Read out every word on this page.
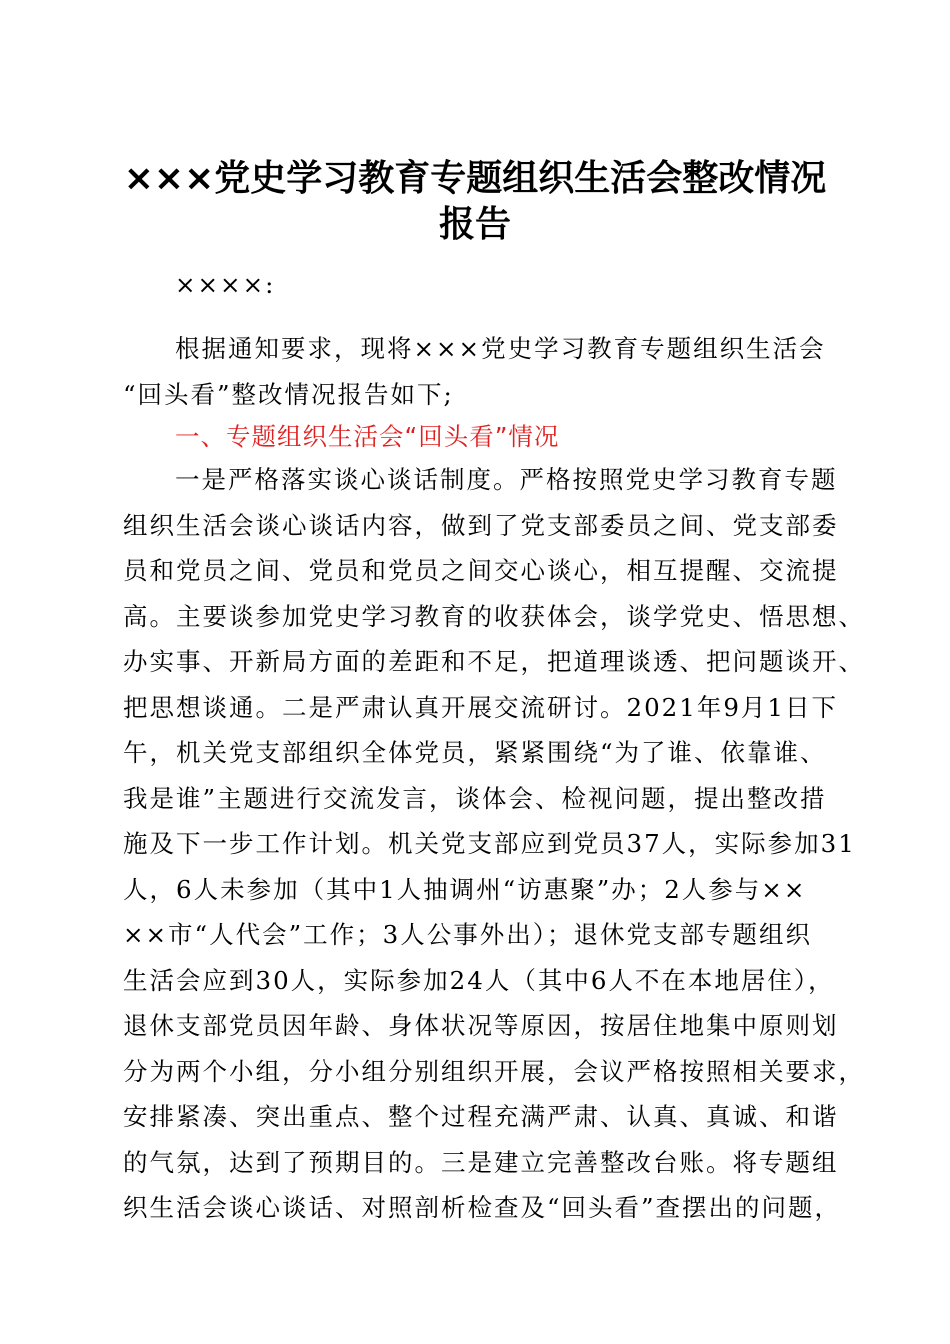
×××党史学习教育专题组织生活会整改情况
报告
××××:
根据通知要求，现将×××党史学习教育专题组织生活会
“回头看”整改情况报告如下;
一、专题组织生活会“回头看”情况
一是严格落实谈心谈话制度。严格按照党史学习教育专题
组织生活会谈心谈话内容，做到了党支部委员之间、党支部委
员和党员之间、党员和党员之间交心谈心，相互提醒、交流提
高。主要谈参加党史学习教育的收获体会，谈学党史、悟思想、
办实事、开新局方面的差距和不足，把道理谈透、把问题谈开、
把思想谈通。二是严肃认真开展交流研讨。2021年9月1日下
午，机关党支部组织全体党员，紧紧围绕“为了谁、依靠谁、
我是谁”主题进行交流发言，谈体会、检视问题，提出整改措
施及下一步工作计划。机关党支部应到党员37人，实际参加31
人，6人未参加（其中1人抽调州“访惠聚”办；2人参与××
××市“人代会”工作；3人公事外出）；退休党支部专题组织
生活会应到30人，实际参加24人（其中6人不在本地居住），
退休支部党员因年龄、身体状况等原因，按居住地集中原则划
分为两个小组，分小组分别组织开展，会议严格按照相关要求，
安排紧凑、突出重点、整个过程充满严肃、认真、真诚、和谐
的气氛，达到了预期目的。三是建立完善整改台账。将专题组
织生活会谈心谈话、对照剖析检查及“回头看”查摆出的问题，
